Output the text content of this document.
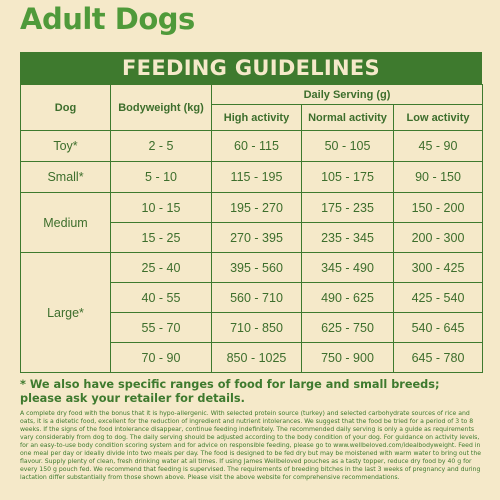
Adult Dogs
FEEDING GUIDELINES
Dog	Bodyweight (kg)	Daily Serving (g)		
		High activity	Normal activity	Low activity
Toy*	2 - 5	60 - 115	50 - 105	45 - 90
Small*	5 - 10	115 - 195	105 - 175	90 - 150
Medium	10 - 15	195 - 270	175 - 235	150 - 200
	15 - 25	270 - 395	235 - 345	200 - 300
Large*	25 - 40	395 - 560	345 - 490	300 - 425
	40 - 55	560 - 710	490 - 625	425 - 540
	55 - 70	710 - 850	625 - 750	540 - 645
	70 - 90	850 - 1025	750 - 900	645 - 780
* We also have specific ranges of food for large and small breeds; please ask your retailer for details.
A complete dry food with the bonus that it is hypo-allergenic. With selected protein source (turkey) and selected carbohydrate sources of rice and oats, it is a dietetic food, excellent for the reduction of ingredient and nutrient intolerances. We suggest that the food be tried for a period of 3 to 8 weeks. If the signs of the food intolerance disappear, continue feeding indefinitely. The recommended daily serving is only a guide as requirements vary considerably from dog to dog. The daily serving should be adjusted according to the body condition of your dog. For guidance on activity levels, for an easy-to-use body condition scoring system and for advice on responsible feeding, please go to www.wellbeloved.com/idealbodyweight. Feed in one meal per day or ideally divide into two meals per day. The food is designed to be fed dry but may be moistened with warm water to bring out the flavour. Supply plenty of clean, fresh drinking water at all times. If using James Wellbeloved pouches as a tasty topper, reduce dry food by 40 g for every 150 g pouch fed. We recommend that feeding is supervised. The requirements of breeding bitches in the last 3 weeks of pregnancy and during lactation differ substantially from those shown above. Please visit the above website for comprehensive recommendations.
